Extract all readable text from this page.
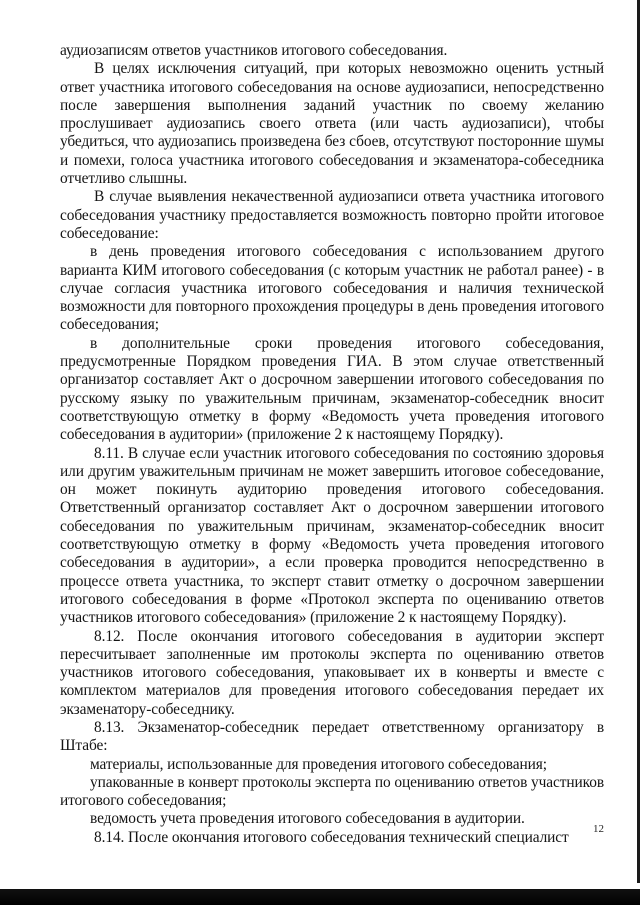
аудиозаписям ответов участников итогового собеседования.

В целях исключения ситуаций, при которых невозможно оценить устный ответ участника итогового собеседования на основе аудиозаписи, непосредственно после завершения выполнения заданий участник по своему желанию прослушивает аудиозапись своего ответа (или часть аудиозаписи), чтобы убедиться, что аудиозапись произведена без сбоев, отсутствуют посторонние шумы и помехи, голоса участника итогового собеседования и экзаменатора-собеседника отчетливо слышны.

В случае выявления некачественной аудиозаписи ответа участника итогового собеседования участнику предоставляется возможность повторно пройти итоговое собеседование:

в день проведения итогового собеседования с использованием другого варианта КИМ итогового собеседования (с которым участник не работал ранее) - в случае согласия участника итогового собеседования и наличия технической возможности для повторного прохождения процедуры в день проведения итогового собеседования;

в дополнительные сроки проведения итогового собеседования, предусмотренные Порядком проведения ГИА. В этом случае ответственный организатор составляет Акт о досрочном завершении итогового собеседования по русскому языку по уважительным причинам, экзаменатор-собеседник вносит соответствующую отметку в форму «Ведомость учета проведения итогового собеседования в аудитории» (приложение 2 к настоящему Порядку).

8.11. В случае если участник итогового собеседования по состоянию здоровья или другим уважительным причинам не может завершить итоговое собеседование, он может покинуть аудиторию проведения итогового собеседования. Ответственный организатор составляет Акт о досрочном завершении итогового собеседования по уважительным причинам, экзаменатор-собеседник вносит соответствующую отметку в форму «Ведомость учета проведения итогового собеседования в аудитории», а если проверка проводится непосредственно в процессе ответа участника, то эксперт ставит отметку о досрочном завершении итогового собеседования в форме «Протокол эксперта по оцениванию ответов участников итогового собеседования» (приложение 2 к настоящему Порядку).

8.12. После окончания итогового собеседования в аудитории эксперт пересчитывает заполненные им протоколы эксперта по оцениванию ответов участников итогового собеседования, упаковывает их в конверты и вместе с комплектом материалов для проведения итогового собеседования передает их экзаменатору-собеседнику.

8.13. Экзаменатор-собеседник передает ответственному организатору в Штабе:

материалы, использованные для проведения итогового собеседования;

упакованные в конверт протоколы эксперта по оцениванию ответов участников итогового собеседования;

ведомость учета проведения итогового собеседования в аудитории.

8.14. После окончания итогового собеседования технический специалист	12
